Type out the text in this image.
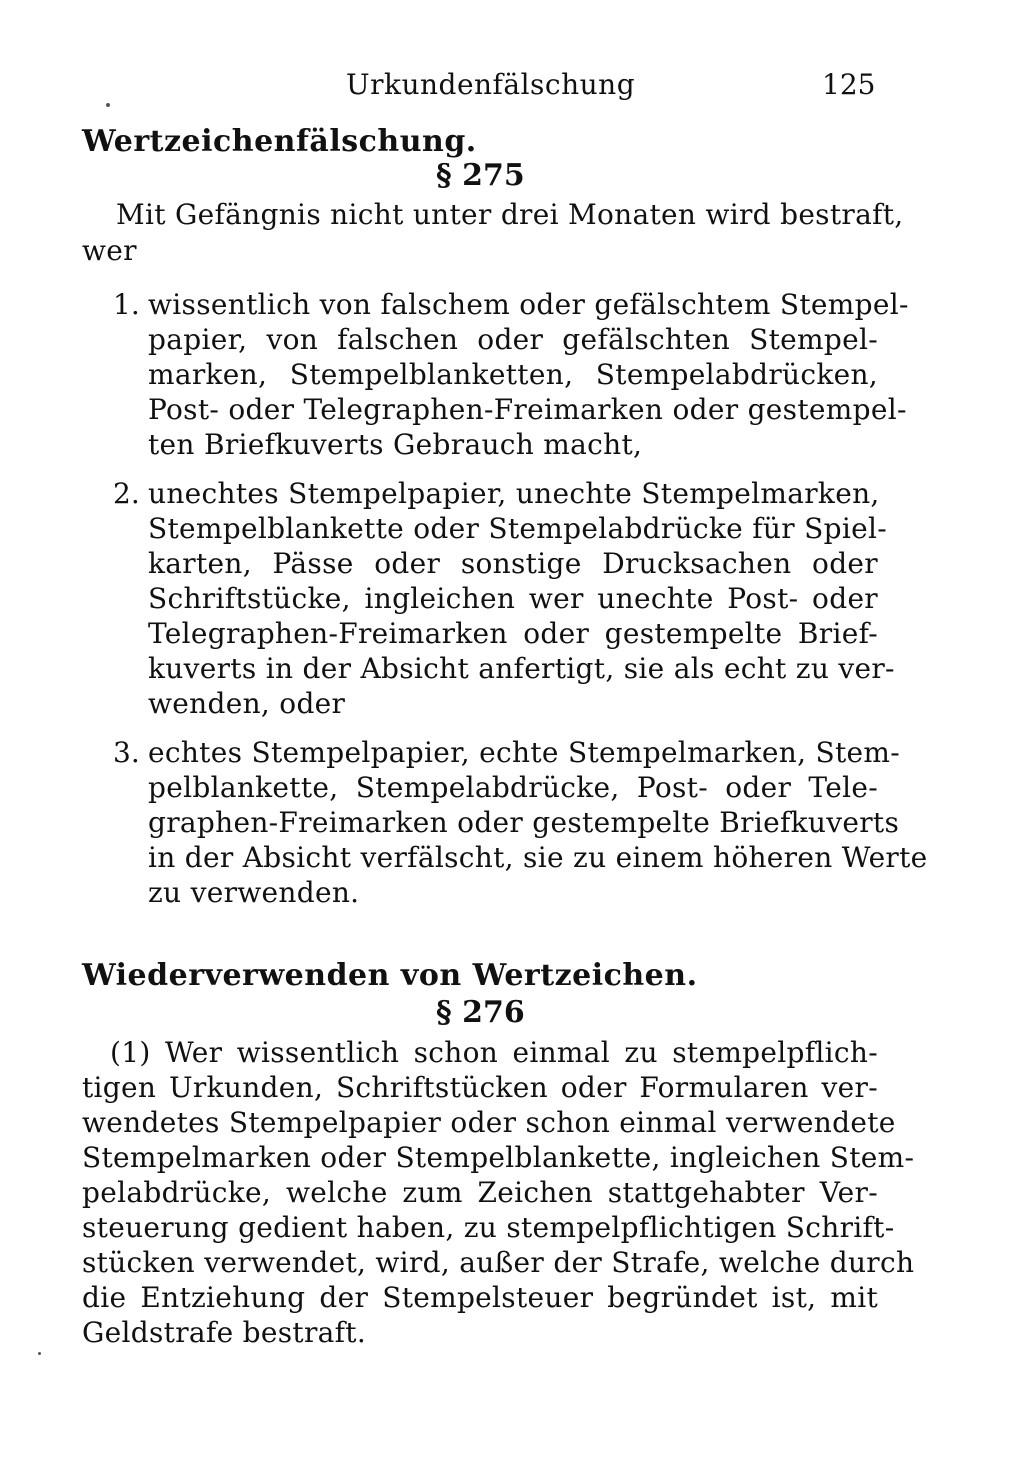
Urkundenfälschung	125
Wertzeichenfälschung.
§ 275
Mit Gefängnis nicht unter drei Monaten wird bestraft,
wer
1. wissentlich von falschem oder gefälschtem Stempel-
papier, von falschen oder gefälschten Stempel-
marken, Stempelblanketten, Stempelabdrücken,
Post- oder Telegraphen-Freimarken oder gestempel-
ten Briefkuverts Gebrauch macht,
2. unechtes Stempelpapier, unechte Stempelmarken,
Stempelblankette oder Stempelabdrücke für Spiel-
karten, Pässe oder sonstige Drucksachen oder
Schriftstücke, ingleichen wer unechte Post- oder
Telegraphen-Freimarken oder gestempelte Brief-
kuverts in der Absicht anfertigt, sie als echt zu ver-
wenden, oder
3. echtes Stempelpapier, echte Stempelmarken, Stem-
pelblankette, Stempelabdrücke, Post- oder Tele-
graphen-Freimarken oder gestempelte Briefkuverts
in der Absicht verfälscht, sie zu einem höheren Werte
zu verwenden.
Wiederverwenden von Wertzeichen.
§ 276
(1) Wer wissentlich schon einmal zu stempelpflich-
tigen Urkunden, Schriftstücken oder Formularen ver-
wendetes Stempelpapier oder schon einmal verwendete
Stempelmarken oder Stempelblankette, ingleichen Stem-
pelabdrücke, welche zum Zeichen stattgehabter Ver-
steuerung gedient haben, zu stempelpflichtigen Schrift-
stücken verwendet, wird, außer der Strafe, welche durch
die Entziehung der Stempelsteuer begründet ist, mit
Geldstrafe bestraft.
